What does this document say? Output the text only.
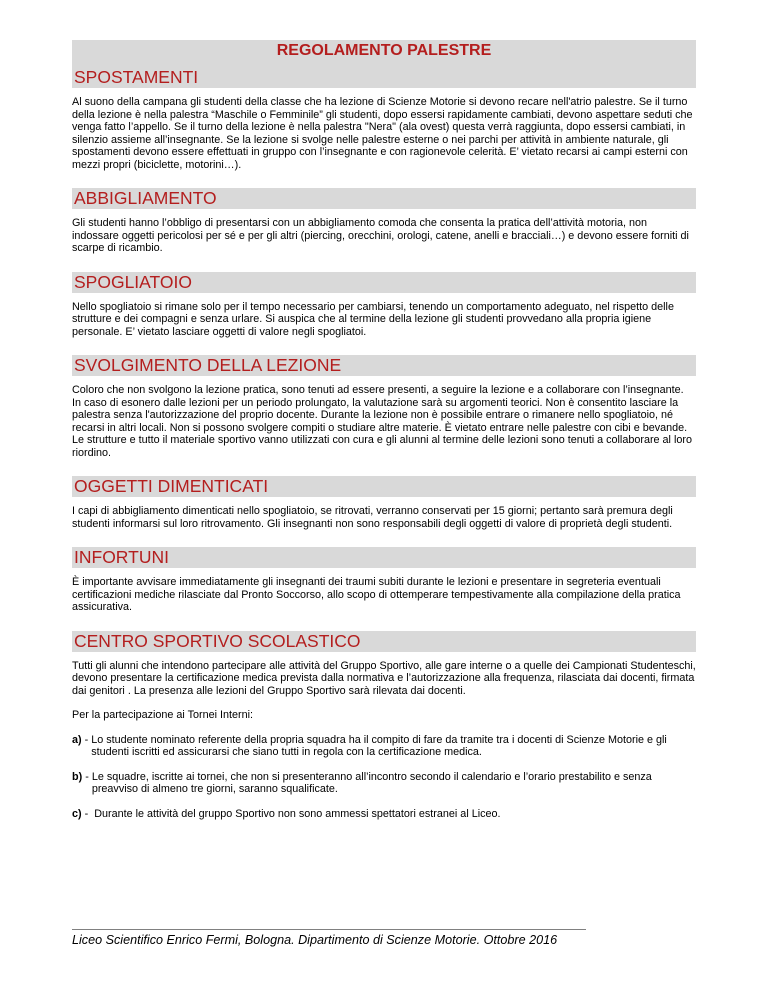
REGOLAMENTO PALESTRE
SPOSTAMENTI

Al suono della campana gli studenti della classe che ha lezione di Scienze Motorie si devono recare nell'atrio palestre. Se il turno della lezione è nella palestra “Maschile o Femminile” gli studenti, dopo essersi rapidamente cambiati, devono aspettare seduti che venga fatto l’appello. Se il turno della lezione è nella palestra "Nera" (ala ovest) questa verrà raggiunta, dopo essersi cambiati, in silenzio assieme all’insegnante. Se la lezione si svolge nelle palestre esterne o nei parchi per attività in ambiente naturale, gli spostamenti devono essere effettuati in gruppo con l’insegnante e con ragionevole celerità. E’ vietato recarsi ai campi esterni con mezzi propri (biciclette, motorini…).

ABBIGLIAMENTO

Gli studenti hanno l’obbligo di presentarsi con un abbigliamento comoda che consenta la pratica dell’attività motoria, non indossare oggetti pericolosi per sé e per gli altri (piercing, orecchini, orologi, catene, anelli e bracciali…) e devono essere forniti di scarpe di ricambio.

SPOGLIATOIO

Nello spogliatoio si rimane solo per il tempo necessario per cambiarsi, tenendo un comportamento adeguato, nel rispetto delle strutture e dei compagni e senza urlare. Si auspica che al termine della lezione gli studenti provvedano alla propria igiene personale. E’ vietato lasciare oggetti di valore negli spogliatoi.

SVOLGIMENTO DELLA LEZIONE

Coloro che non svolgono la lezione pratica, sono tenuti ad essere presenti, a seguire la lezione e a collaborare con l’insegnante.

In caso di esonero dalle lezioni per un periodo prolungato, la valutazione sarà su argomenti teorici. Non è consentito lasciare la palestra senza l'autorizzazione del proprio docente. Durante la lezione non è possibile entrare o rimanere nello spogliatoio, né recarsi in altri locali. Non si possono svolgere compiti o studiare altre materie. È vietato entrare nelle palestre con cibi e bevande.

Le strutture e tutto il materiale sportivo vanno utilizzati con cura e gli alunni al termine delle lezioni sono tenuti a collaborare al loro riordino.

OGGETTI DIMENTICATI

I capi di abbigliamento dimenticati nello spogliatoio, se ritrovati, verranno conservati per 15 giorni; pertanto sarà premura degli studenti informarsi sul loro ritrovamento. Gli insegnanti non sono responsabili degli oggetti di valore di proprietà degli studenti.

INFORTUNI

È importante avvisare immediatamente gli insegnanti dei traumi subiti durante le lezioni e presentare in segreteria eventuali certificazioni mediche rilasciate dal Pronto Soccorso, allo scopo di ottemperare tempestivamente alla compilazione della pratica assicurativa.

CENTRO SPORTIVO SCOLASTICO

Tutti gli alunni che intendono partecipare alle attività del Gruppo Sportivo, alle gare interne o a quelle dei Campionati Studenteschi, devono presentare la certificazione medica prevista dalla normativa e l’autorizzazione alla frequenza, rilasciata dai docenti, firmata dai genitori . La presenza alle lezioni del Gruppo Sportivo sarà rilevata dai docenti.

Per la partecipazione ai Tornei Interni:

a) - Lo studente nominato referente della propria squadra ha il compito di fare da tramite tra i docenti di Scienze Motorie e gli studenti iscritti ed assicurarsi che siano tutti in regola con la certificazione medica.
b) - Le squadre, iscritte ai tornei, che non si presenteranno all’incontro secondo il calendario e l’orario prestabilito e senza preavviso di almeno tre giorni, saranno squalificate.
c) - Durante le attività del gruppo Sportivo non sono ammessi spettatori estranei al Liceo.
Liceo Scientifico Enrico Fermi, Bologna. Dipartimento di Scienze Motorie. Ottobre 2016
